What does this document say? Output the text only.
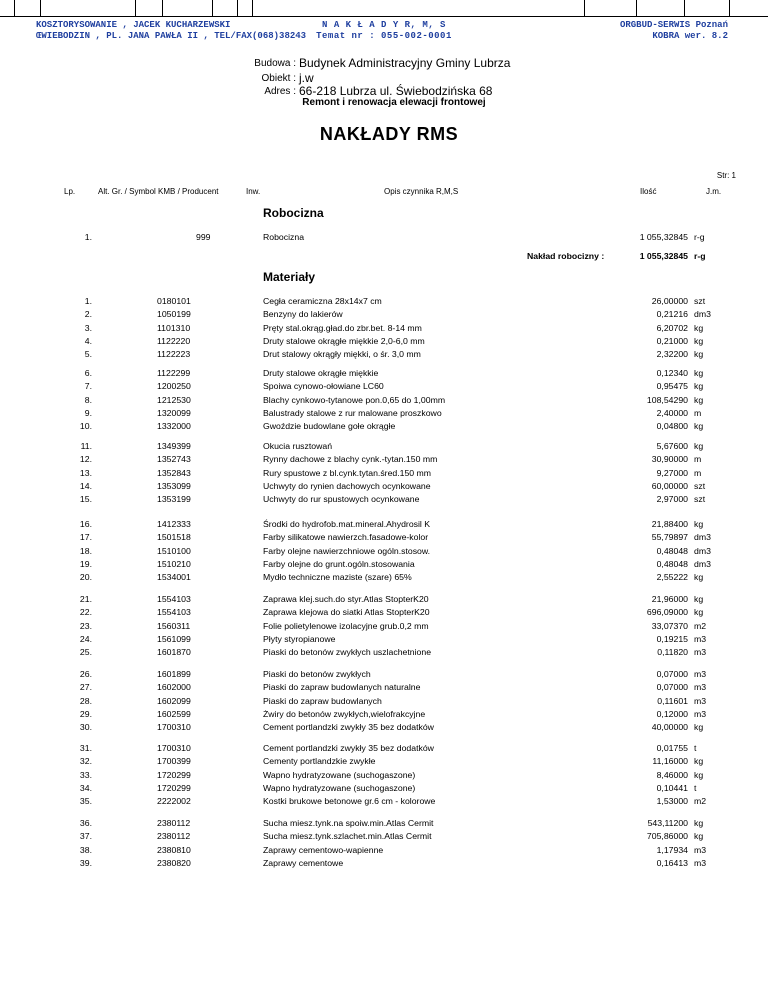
KOSZTORYSOWANIE , JACEK KUCHARZEWSKI
ŒWIEBODZIN , PL. JANA PAWŁA II , TEL/FAX(068)38243
N A K Ł A D Y R, M, S
Temat nr : 055-002-0001
ORGBUD-SERWIS Poznań
KOBRA wer. 8.2
Budowa : Budynek Administracyjny Gminy Lubrza
Obiekt : j.w
Adres : 66-218 Lubrza ul. Świebodzińska 68
Remont i renowacja elewacji frontowej
NAKŁADY RMS
Str: 1
Lp.	Alt. Gr. / Symbol KMB / Producent	Inw.	Opis czynnika R,M,S	Ilość	J.m.
Robocizna
1.	999	Robocizna	1 055,32845 r-g
Nakład robocizny :	1 055,32845 r-g
Materiały
1.	0180101	Cegła ceramiczna 28x14x7 cm	26,00000 szt
2.	1050199	Benzyny do lakierów	0,21216 dm3
3.	1101310	Pręty stal.okrąg.gład.do zbr.bet. 8-14 mm	6,20702 kg
4.	1122220	Druty stalowe okrągłe miękkie 2,0-6,0 mm	0,21000 kg
5.	1122223	Drut stalowy okrągły miękki, o śr. 3,0 mm	2,32200 kg
6.	1122299	Druty stalowe okrągłe miękkie	0,12340 kg
7.	1200250	Spoiwa cynowo-ołowiane LC60	0,95475 kg
8.	1212530	Blachy cynkowo-tytanowe pon.0,65 do 1,00mm	108,54290 kg
9.	1320099	Balustrady stalowe z rur malowane proszkowo	2,40000 m
10.	1332000	Gwoździe budowlane gołe okrągłe	0,04800 kg
11.	1349399	Okucia rusztowań	5,67600 kg
12.	1352743	Rynny dachowe z blachy cynk.-tytan.150 mm	30,90000 m
13.	1352843	Rury spustowe z bl.cynk.tytan.śred.150 mm	9,27000 m
14.	1353099	Uchwyty do rynien dachowych ocynkowane	60,00000 szt
15.	1353199	Uchwyty do rur spustowych ocynkowane	2,97000 szt
16.	1412333	Środki do hydrofob.mat.mineral.Ahydrosil K	21,88400 kg
17.	1501518	Farby silikatowe nawierzch.fasadowe-kolor	55,79897 dm3
18.	1510100	Farby olejne nawierzchniowe ogóln.stosow.	0,48048 dm3
19.	1510210	Farby olejne do grunt.ogóln.stosowania	0,48048 dm3
20.	1534001	Mydło techniczne maziste (szare) 65%	2,55222 kg
21.	1554103	Zaprawa klej.such.do styr.Atlas StopterK20	21,96000 kg
22.	1554103	Zaprawa klejowa do siatki Atlas StopterK20	696,09000 kg
23.	1560311	Folie polietylenowe izolacyjne grub.0,2 mm	33,07370 m2
24.	1561099	Płyty styropianowe	0,19215 m3
25.	1601870	Piaski do betonów zwykłych uszlachetnione	0,11820 m3
26.	1601899	Piaski do betonów zwykłych	0,07000 m3
27.	1602000	Piaski do zapraw budowlanych naturalne	0,07000 m3
28.	1602099	Piaski do zapraw budowlanych	0,11601 m3
29.	1602599	Żwiry do betonów zwykłych,wielofrakcyjne	0,12000 m3
30.	1700310	Cement portlandzki zwykły 35 bez dodatków	40,00000 kg
31.	1700310	Cement portlandzki zwykły 35 bez dodatków	0,01755 t
32.	1700399	Cementy portlandzkie zwykłe	11,16000 kg
33.	1720299	Wapno hydratyzowane (suchogaszone)	8,46000 kg
34.	1720299	Wapno hydratyzowane (suchogaszone)	0,10441 t
35.	2222002	Kostki brukowe betonowe gr.6 cm - kolorowe	1,53000 m2
36.	2380112	Sucha miesz.tynk.na spoiw.min.Atlas Cermit	543,11200 kg
37.	2380112	Sucha miesz.tynk.szlachet.min.Atlas Cermit	705,86000 kg
38.	2380810	Zaprawy cementowo-wapienne	1,17934 m3
39.	2380820	Zaprawy cementowe	0,16413 m3
